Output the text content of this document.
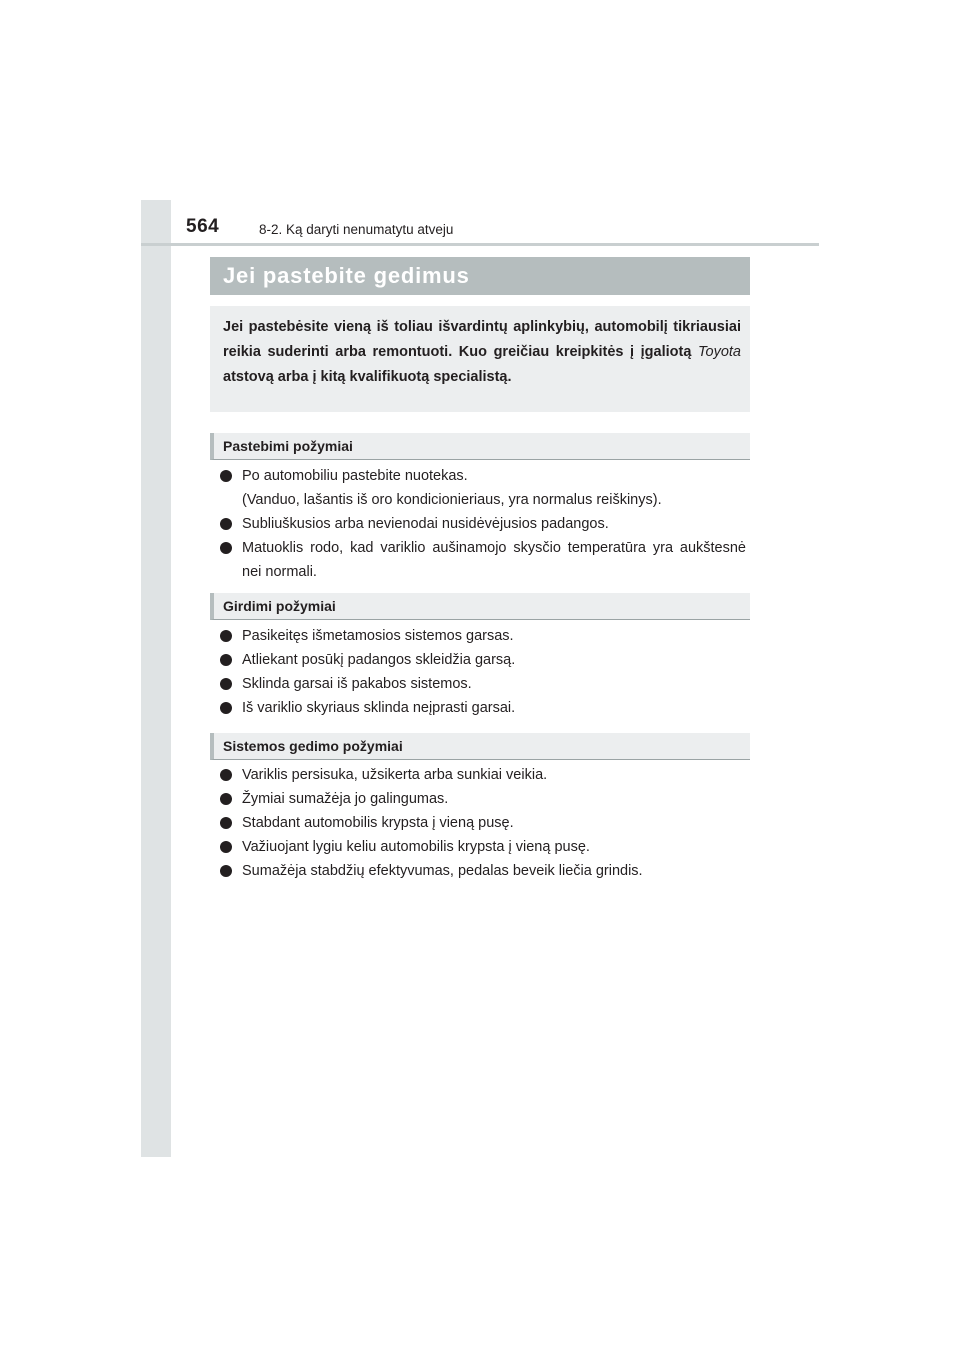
564	8-2. Ką daryti nenumatytu atveju
Jei pastebite gedimus

Jei pastebėsite vieną iš toliau išvardintų aplinkybių, automobilį tikriausiai reikia suderinti arba remontuoti. Kuo greičiau kreipkitės į įgaliotą Toyota atstovą arba į kitą kvalifikuotą specialistą.

Pastebimi požymiai
Po automobiliu pastebite nuotekas.
(Vanduo, lašantis iš oro kondicionieriaus, yra normalus reiškinys).
Subliuškusios arba nevienodai nusidėvėjusios padangos.
Matuoklis rodo, kad variklio aušinamojo skysčio temperatūra yra aukštesnė nei normali.
Girdimi požymiai
Pasikeitęs išmetamosios sistemos garsas.
Atliekant posūkį padangos skleidžia garsą.
Sklinda garsai iš pakabos sistemos.
Iš variklio skyriaus sklinda neįprasti garsai.
Sistemos gedimo požymiai
Variklis persisuka, užsikerta arba sunkiai veikia.
Žymiai sumažėja jo galingumas.
Stabdant automobilis krypsta į vieną pusę.
Važiuojant lygiu keliu automobilis krypsta į vieną pusę.
Sumažėja stabdžių efektyvumas, pedalas beveik liečia grindis.
